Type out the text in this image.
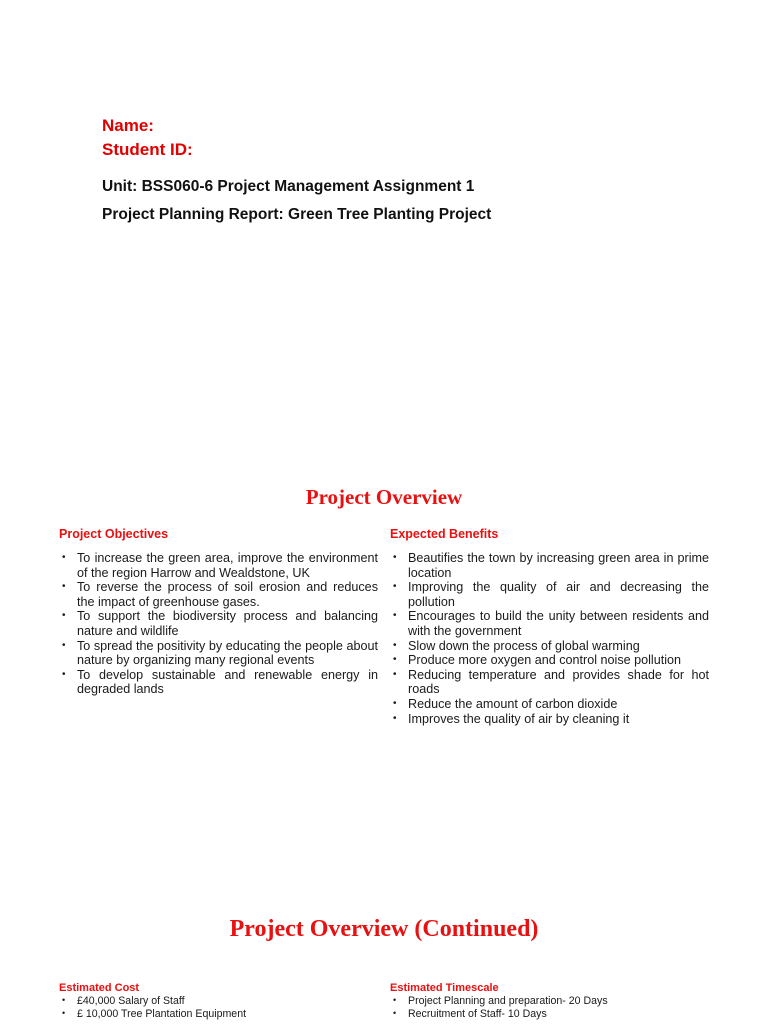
Name:
Student ID:
Unit: BSS060-6 Project Management Assignment 1
Project Planning Report: Green Tree Planting Project
Project Overview
Project Objectives
• To increase the green area, improve the environment of the region Harrow and Wealdstone, UK
• To reverse the process of soil erosion and reduces the impact of greenhouse gases.
• To support the biodiversity process and balancing nature and wildlife
• To spread the positivity by educating the people about nature by organizing many regional events
• To develop sustainable and renewable energy in degraded lands
Expected Benefits
• Beautifies the town by increasing green area in prime location
• Improving the quality of air and decreasing the pollution
• Encourages to build the unity between residents and with the government
• Slow down the process of global warming
• Produce more oxygen and control noise pollution
• Reducing temperature and provides shade for hot roads
• Reduce the amount of carbon dioxide
• Improves the quality of air by cleaning it
Project Overview (Continued)
Estimated Cost
• £40,000 Salary of Staff
• £ 10,000 Tree Plantation Equipment
Estimated Timescale
• Project Planning and preparation- 20 Days
• Recruitment of Staff- 10 Days
